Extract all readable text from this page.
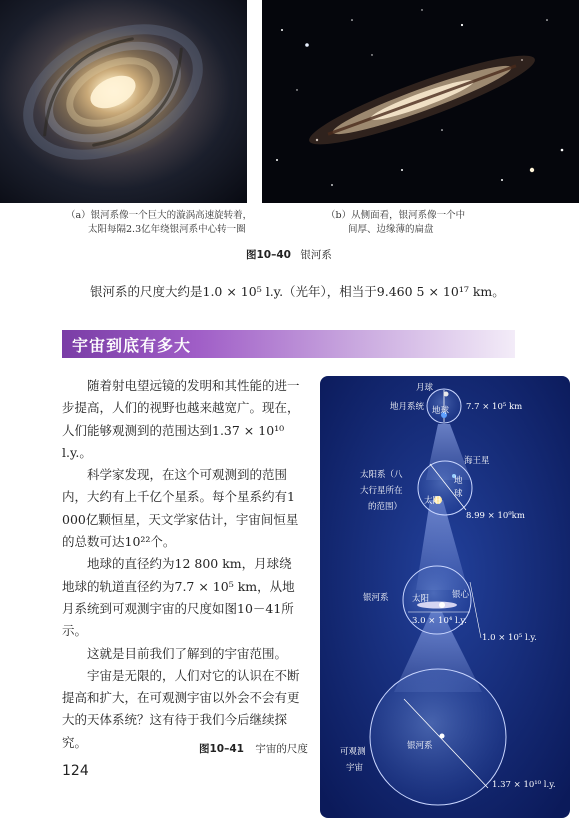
（a）银河系像一个巨大的漩涡高速旋转着，
太阳每隔2.3亿年绕银河系中心转一圈
（b）从侧面看，银河系像一个中
间厚、边缘薄的扁盘
图10–40 银河系
银河系的尺度大约是1.0 × 10⁵ l.y.（光年），相当于9.460 5 × 10¹⁷ km。
宇宙到底有多大

随着射电望远镜的发明和其性能的进一步提高，人们的视野也越来越宽广。现在，人们能够观测到的范围达到1.37 × 10¹⁰ l.y.。

科学家发现，在这个可观测到的范围内，大约有上千亿个星系。每个星系约有1 000亿颗恒星，天文学家估计，宇宙间恒星的总数可达10²²个。

地球的直径约为12 800 km，月球绕地球的轨道直径约为7.7 × 10⁵ km，从地月系统到可观测宇宙的尺度如图10－41所示。

这就是目前我们了解到的宇宙范围。

宇宙是无限的，人们对它的认识在不断提高和扩大，在可观测宇宙以外会不会有更大的天体系统？这有待于我们今后继续探究。	图10–41 宇宙的尺度
124
月球
地月系统 地球 7.7 × 10⁵ km
海王星
太阳系（八
大行星所在
的范围）
地
球
太阳
8.99 × 10⁹km
银河系	太阳	银心
3.0 × 10⁴ l.y.
1.0 × 10⁵ l.y.
银河系
可观测
宇宙
1.37 × 10¹⁰ l.y.
